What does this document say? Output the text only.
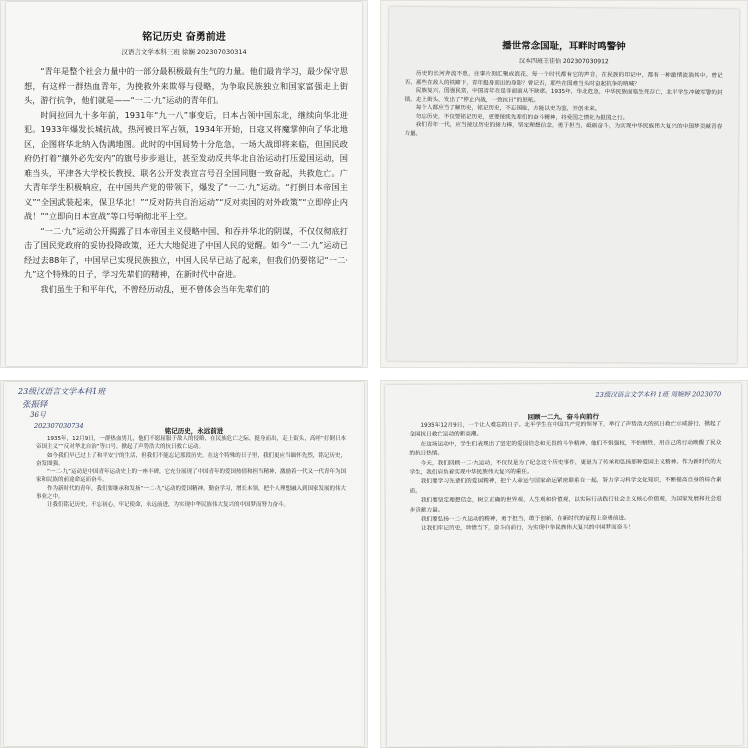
铭记历史 奋勇前进
汉语言文学本科三班 徐娴 202307030314

“青年是整个社会力量中的一部分最积极最有生气的力量。他们最肯学习，最少保守思想，有这样一群热血青年，为挽救外来欺辱与侵略，为争取民族独立和国家富强走上街头，游行抗争，他们就是——“一二·九”运动的青年们。

时间拉回九十多年前，1931年“九一八”事变后，日本占领中国东北，继续向华北进犯。1933年爆发长城抗战，热河被日军占领，1934年开始，日寇又将魔掌伸向了华北地区，企图将华北纳入伪满地图。此时的中国局势十分危急，一场大战即将来临，但国民政府仍打着“攘外必先安内”的旗号步步退让，甚至发动反共华北自治运动打压爱国运动，国难当头，平津各大学校长教授、联名公开发表宣言号召全国同胞一致奋起，共救危亡。广大青年学生积极响应，在中国共产党的带领下，爆发了“一二·九”运动。“打倒日本帝国主义”“全国武装起来，保卫华北！”“反对防共自治运动”“反对卖国的对外政策”“立即停止内战！”“立即向日本宣战”等口号响彻北平上空。

“一二·九”运动公开揭露了日本帝国主义侵略中国、和吞并华北的阴谋，不仅仅彻底打击了国民党政府的妥协投降政策，还大大地促进了中国人民的觉醒。如今“一二·九”运动已经过去88年了，中国早已实现民族独立，中国人民早已站了起来，但我们仍要铭记“一二·九”这个特殊的日子，学习先辈们的精神，在新时代中奋进。

我们虽生于和平年代，不曾经历动乱，更不曾体会当年先辈们的

播世常念国耻，耳畔时鸣警钟
汉本四班王佳怡 202307030912

历史的长河奔流不息，往事片刻汇聚成浪花，每一个时代都有它的声音，在民族的印记中，都有一种激情流淌其中。曾记否，那些在敌人的铁蹄下，青年挺身而出的身影？曾记否，那些在国难当头时奋起抗争的呐喊？

民族复兴，国强民富，中国青年在是非面前从不缺席。1935年，华北危急，中华民族面临生死存亡，北平学生冲破军警的封锁，走上街头，发出了“停止内战，一致抗日”的怒吼。

每个人都应当了解历史，铭记历史，不忘国耻，方能以史为鉴，开创未来。

勿忘历史，不仅要铭记历史，更要接续先辈们的奋斗精神，将爱国之情化为报国之行。

我们青年一代，应当接过历史的接力棒，坚定理想信念，勇于担当，砥砺奋斗，为实现中华民族伟大复兴的中国梦贡献青春力量。

23级汉语言文学本科1班
张振铎
36号
202307030734
铭记历史，永远前进

1935年，12月9日，一群热血男儿，他们不愿屈服于敌人的侵略，在民族危亡之际，挺身而出，走上街头，高呼“打倒日本帝国主义”“反对华北自治”等口号，掀起了声势浩大的抗日救亡运动。

如今我们早已过上了和平安宁的生活，但我们不能忘记那段历史。在这个特殊的日子里，我们更应当缅怀先烈，铭记历史，奋发图强。

“一二·九”运动是中国青年运动史上的一座丰碑，它充分展现了中国青年的爱国热情和担当精神，激励着一代又一代青年为国家和民族的前途命运而奋斗。

作为新时代的青年，我们要继承和发扬“一二·九”运动的爱国精神，勤奋学习，增长本领，把个人理想融入到国家发展的伟大事业之中。

让我们铭记历史，不忘初心，牢记使命，永远前进，为实现中华民族伟大复兴的中国梦而努力奋斗。

23级汉语言文学本科 1班 周婉婷 2023070
回顾一二九，奋斗向前行

1935年12月9日，一个让人难忘的日子。北平学生在中国共产党的领导下，举行了声势浩大的抗日救亡示威游行，掀起了全国抗日救亡运动的新高潮。

在这场运动中，学生们表现出了坚定的爱国信念和无畏的斗争精神，他们不惧强权，不怕牺牲，用自己的行动唤醒了民众的抗日热情。

今天，我们回顾一二·九运动，不仅仅是为了纪念这个历史事件，更是为了传承和弘扬那种爱国主义精神。作为新时代的大学生，我们肩负着实现中华民族伟大复兴的重任。

我们要学习先辈们的爱国精神，把个人命运与国家命运紧密联系在一起，努力学习科学文化知识，不断提高自身的综合素质。

我们要坚定理想信念，树立正确的世界观、人生观和价值观，以实际行动践行社会主义核心价值观，为国家发展和社会进步贡献力量。

我们要弘扬一二·九运动的精神，勇于担当，敢于创新，在新时代的征程上奋勇前进。

让我们牢记历史，珍惜当下，奋斗向前行，为实现中华民族伟大复兴的中国梦而奋斗！
